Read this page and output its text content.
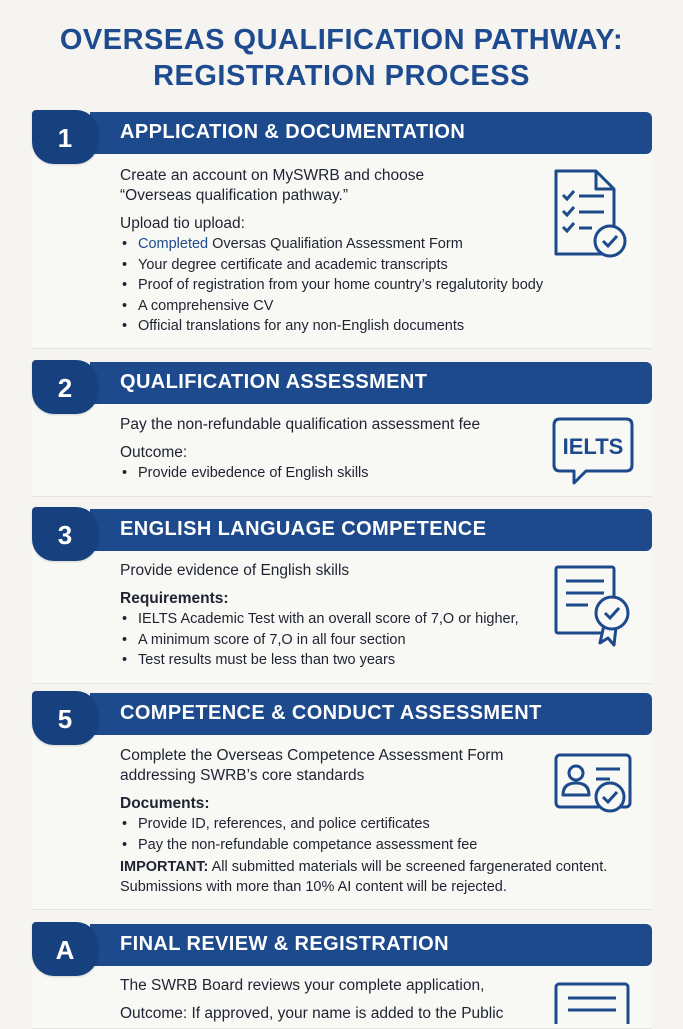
OVERSEAS QUALIFICATION PATHWAY:
REGISTRATION PROCESS
APPLICATION & DOCUMENTATION
1
Create an account on MySWRB and choose
“Overseas qualification pathway.”
Upload tio upload:
• Completed Oversas Qualifiation Assessment Form
• Your degree certificate and academic transcripts
• Proof of registration from your home country’s regalutority body
• A comprehensive CV
• Official translations for any non-English documents
QUALIFICATION ASSESSMENT
2
Pay the non-refundable qualification assessment fee
Outcome:
• Provide evibedence of English skills
IELTS
ENGLISH LANGUAGE COMPETENCE
3
Provide evidence of English skills
Requirements:
• IELTS Academic Test with an overall score of 7,O or higher,
• A minimum score of 7,O in all four section
• Test results must be less than two years
COMPETENCE & CONDUCT ASSESSMENT
5
Complete the Overseas Competence Assessment Form
addressing SWRB’s core standards
Documents:
• Provide ID, references, and police certificates
• Pay the non-refundable competance assessment fee
IMPORTANT: All submitted materials will be screened fargenerated content.
Submissions with more than 10% AI content will be rejected.
FINAL REVIEW & REGISTRATION
A
The SWRB Board reviews your complete application,
Outcome: If approved, your name is added to the Public
